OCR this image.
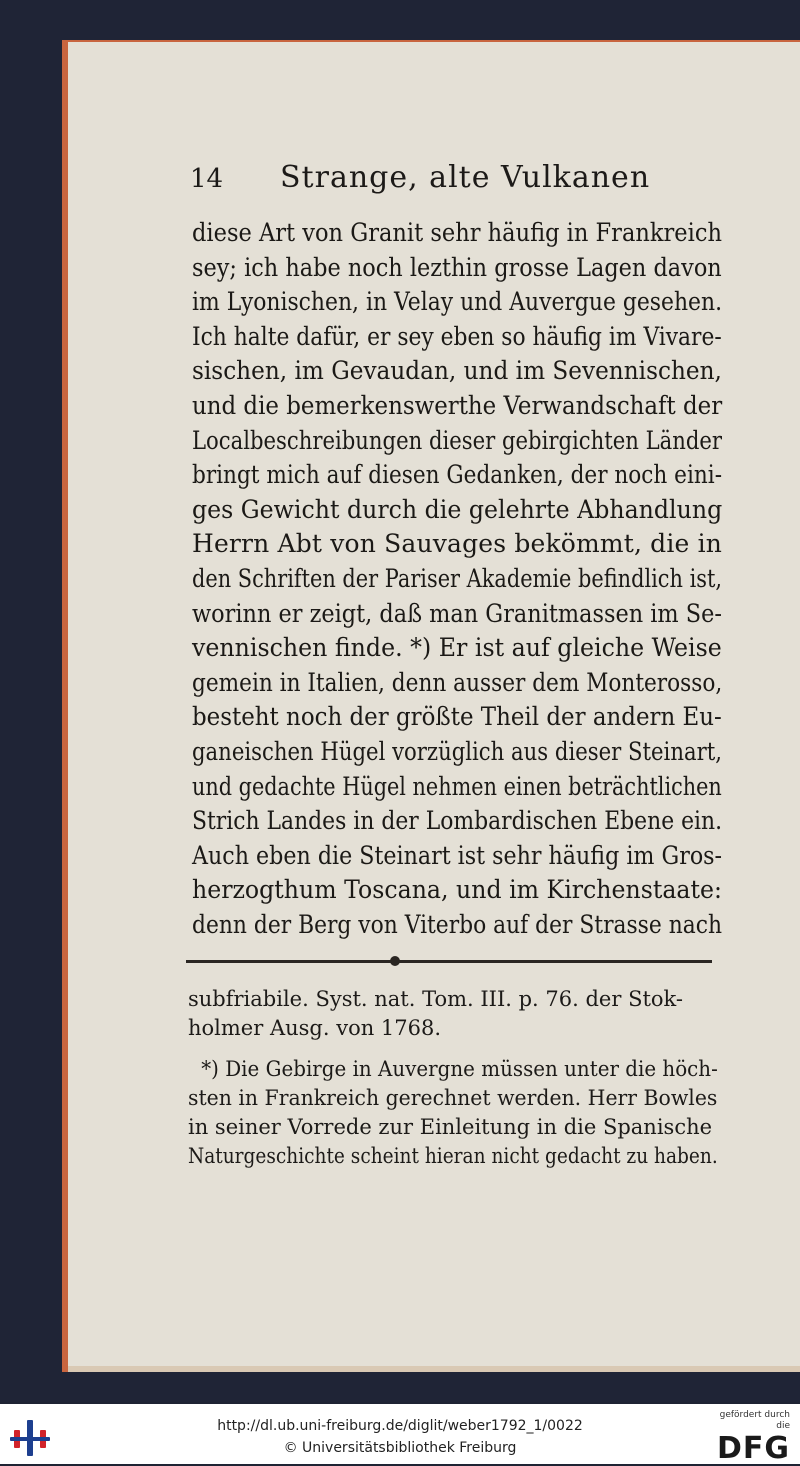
14	Strange, alte Vulkanen
diese Art von Granit sehr häufig in Frankreich
sey; ich habe noch lezthin grosse Lagen davon
im Lyonischen, in Velay und Auvergue gesehen.
Ich halte dafür, er sey eben so häufig im Vivare-
sischen, im Gevaudan, und im Sevennischen,
und die bemerkenswerthe Verwandschaft der
Localbeschreibungen dieser gebirgichten Länder
bringt mich auf diesen Gedanken, der noch eini-
ges Gewicht durch die gelehrte Abhandlung
Herrn Abt von Sauvages bekömmt, die in
den Schriften der Pariser Akademie befindlich ist,
worinn er zeigt, daß man Granitmassen im Se-
vennischen finde. *) Er ist auf gleiche Weise
gemein in Italien, denn ausser dem Monterosso,
besteht noch der größte Theil der andern Eu-
ganeischen Hügel vorzüglich aus dieser Steinart,
und gedachte Hügel nehmen einen beträchtlichen
Strich Landes in der Lombardischen Ebene ein.
Auch eben die Steinart ist sehr häufig im Gros-
herzogthum Toscana, und im Kirchenstaate:
denn der Berg von Viterbo auf der Strasse nach
subfriabile. Syst. nat. Tom. III. p. 76. der Stok-
holmer Ausg. von 1768.
*) Die Gebirge in Auvergne müssen unter die höch-
sten in Frankreich gerechnet werden. Herr Bowles
in seiner Vorrede zur Einleitung in die Spanische
Naturgeschichte scheint hieran nicht gedacht zu haben.
http://dl.ub.uni-freiburg.de/diglit/weber1792_1/0022
© Universitätsbibliothek Freiburg
gefördert durch die
DFG
